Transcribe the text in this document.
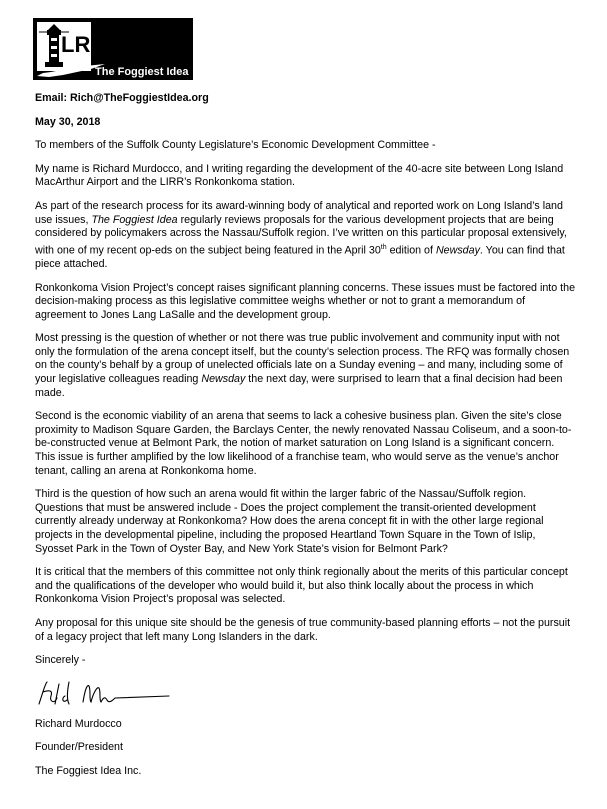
LRM
The Foggiest Idea

Email: Rich@TheFoggiestIdea.org

May 30, 2018

To members of the Suffolk County Legislature’s Economic Development Committee -

My name is Richard Murdocco, and I writing regarding the development of the 40-acre site between Long Island MacArthur Airport and the LIRR’s Ronkonkoma station.

As part of the research process for its award-winning body of analytical and reported work on Long Island’s land use issues, The Foggiest Idea regularly reviews proposals for the various development projects that are being considered by policymakers across the Nassau/Suffolk region. I’ve written on this particular proposal extensively, with one of my recent op-eds on the subject being featured in the April 30th edition of Newsday. You can find that piece attached.

Ronkonkoma Vision Project’s concept raises significant planning concerns. These issues must be factored into the decision-making process as this legislative committee weighs whether or not to grant a memorandum of agreement to Jones Lang LaSalle and the development group.

Most pressing is the question of whether or not there was true public involvement and community input with not only the formulation of the arena concept itself, but the county’s selection process. The RFQ was formally chosen on the county’s behalf by a group of unelected officials late on a Sunday evening – and many, including some of your legislative colleagues reading Newsday the next day, were surprised to learn that a final decision had been made.

Second is the economic viability of an arena that seems to lack a cohesive business plan. Given the site’s close proximity to Madison Square Garden, the Barclays Center, the newly renovated Nassau Coliseum, and a soon-to-be-constructed venue at Belmont Park, the notion of market saturation on Long Island is a significant concern. This issue is further amplified by the low likelihood of a franchise team, who would serve as the venue’s anchor tenant, calling an arena at Ronkonkoma home.

Third is the question of how such an arena would fit within the larger fabric of the Nassau/Suffolk region. Questions that must be answered include - Does the project complement the transit-oriented development currently already underway at Ronkonkoma? How does the arena concept fit in with the other large regional projects in the developmental pipeline, including the proposed Heartland Town Square in the Town of Islip, Syosset Park in the Town of Oyster Bay, and New York State’s vision for Belmont Park?

It is critical that the members of this committee not only think regionally about the merits of this particular concept and the qualifications of the developer who would build it, but also think locally about the process in which Ronkonkoma Vision Project’s proposal was selected.

Any proposal for this unique site should be the genesis of true community-based planning efforts – not the pursuit of a legacy project that left many Long Islanders in the dark.

Sincerely -

Richard Murdocco

Founder/President

The Foggiest Idea Inc.
